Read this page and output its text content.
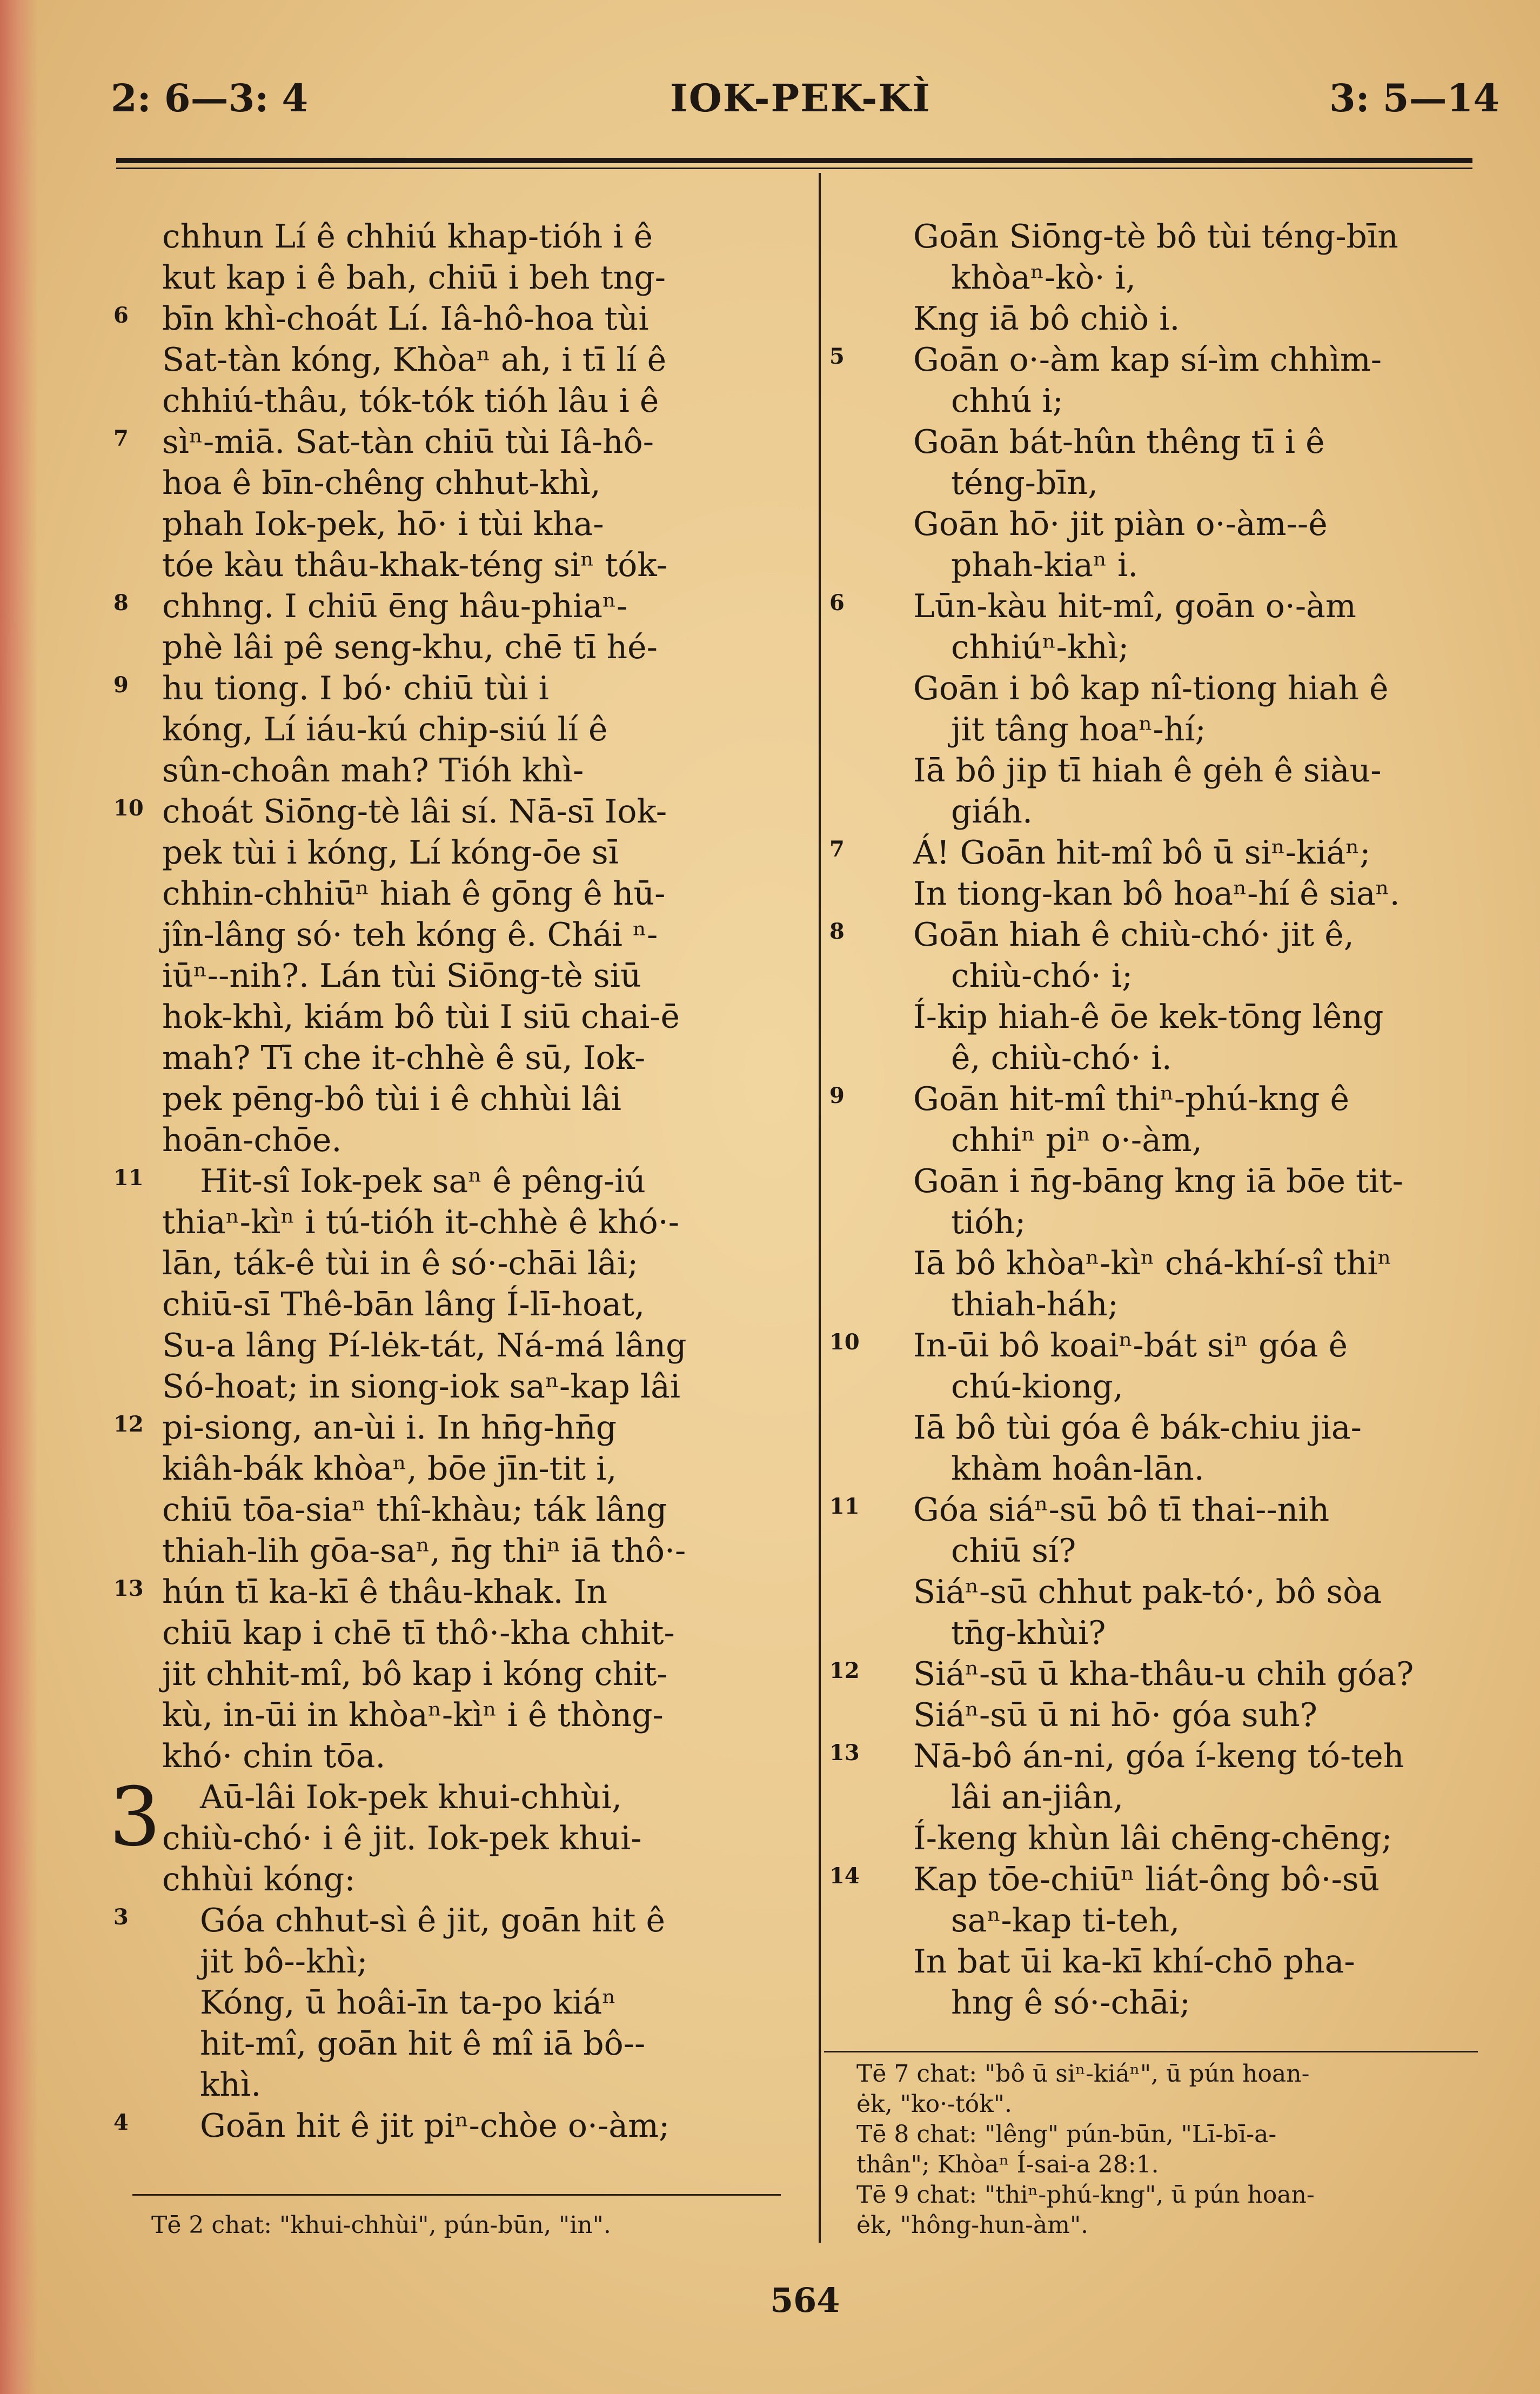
2: 6—3: 4	IOK-PEK-KÌ	3: 5—14
chhun Lí ê chhiú khap-tióh i ê
kut kap i ê bah, chiū i beh tng-
6 bīn khì-choát Lí. Iâ-hô-hoa tùi
Sat-tàn kóng, Khòaⁿ ah, i tī lí ê
chhiú-thâu, tók-tók tióh lâu i ê
7 sìⁿ-miā. Sat-tàn chiū tùi Iâ-hô-
hoa ê bīn-chêng chhut-khì,
phah Iok-pek, hō· i tùi kha-
tóe kàu thâu-khak-téng siⁿ tók-
8 chhng. I chiū ēng hâu-phiaⁿ-
phè lâi pê seng-khu, chē tī hé-
9 hu tiong. I bó· chiū tùi i
kóng, Lí iáu-kú chip-siú lí ê
sûn-choân mah? Tióh khì-
10 choát Siōng-tè lâi sí. Nā-sī Iok-
pek tùi i kóng, Lí kóng-ōe sī
chhin-chhiūⁿ hiah ê gōng ê hū-
jîn-lâng só· teh kóng ê. Chái ⁿ-
iūⁿ--nih?. Lán tùi Siōng-tè siū
hok-khì, kiám bô tùi I siū chai-ē
mah? Tī che it-chhè ê sū, Iok-
pek pēng-bô tùi i ê chhùi lâi
hoān-chōe.
11 Hit-sî Iok-pek saⁿ ê pêng-iú
thiaⁿ-kìⁿ i tú-tióh it-chhè ê khó·-
lān, ták-ê tùi in ê só·-chāi lâi;
chiū-sī Thê-bān lâng Í-lī-hoat,
Su-a lâng Pí-lėk-tát, Ná-má lâng
Só-hoat; in siong-iok saⁿ-kap lâi
12 pi-siong, an-ùi i. In hn̄g-hn̄g
kiâh-bák khòaⁿ, bōe jīn-tit i,
chiū tōa-siaⁿ thî-khàu; ták lâng
thiah-lih gōa-saⁿ, n̄g thiⁿ iā thô·-
13 hún tī ka-kī ê thâu-khak. In
chiū kap i chē tī thô·-kha chhit-
jit chhit-mî, bô kap i kóng chit-
kù, in-ūi in khòaⁿ-kìⁿ i ê thòng-
khó· chin tōa.
3 Aū-lâi Iok-pek khui-chhùi,
chiù-chó· i ê jit. Iok-pek khui-
chhùi kóng:
3 Góa chhut-sì ê jit, goān hit ê
jit bô--khì;
Kóng, ū hoâi-īn ta-po kiáⁿ
hit-mî, goān hit ê mî iā bô--
khì.
4 Goān hit ê jit piⁿ-chòe o·-àm;
Goān Siōng-tè bô tùi téng-bīn
khòaⁿ-kò· i,
Kng iā bô chiò i.
5 Goān o·-àm kap sí-ìm chhìm-
chhú i;
Goān bát-hûn thêng tī i ê
téng-bīn,
Goān hō· jit piàn o·-àm--ê
phah-kiaⁿ i.
6 Lūn-kàu hit-mî, goān o·-àm
chhiúⁿ-khì;
Goān i bô kap nî-tiong hiah ê
jit tâng hoaⁿ-hí;
Iā bô jip tī hiah ê gėh ê siàu-
giáh.
7 Á! Goān hit-mî bô ū siⁿ-kiáⁿ;
In tiong-kan bô hoaⁿ-hí ê siaⁿ.
8 Goān hiah ê chiù-chó· jit ê,
chiù-chó· i;
Í-kip hiah-ê ōe kek-tōng lêng
ê, chiù-chó· i.
9 Goān hit-mî thiⁿ-phú-kng ê
chhiⁿ piⁿ o·-àm,
Goān i n̄g-bāng kng iā bōe tit-
tióh;
Iā bô khòaⁿ-kìⁿ chá-khí-sî thiⁿ
thiah-háh;
10 In-ūi bô koaiⁿ-bát siⁿ góa ê
chú-kiong,
Iā bô tùi góa ê bák-chiu jia-
khàm hoân-lān.
11 Góa siáⁿ-sū bô tī thai--nih
chiū sí?
Siáⁿ-sū chhut pak-tó·, bô sòa
tn̄g-khùi?
12 Siáⁿ-sū ū kha-thâu-u chih góa?
Siáⁿ-sū ū ni hō· góa suh?
13 Nā-bô án-ni, góa í-keng tó-teh
lâi an-jiân,
Í-keng khùn lâi chēng-chēng;
14 Kap tōe-chiūⁿ liát-ông bô·-sū
saⁿ-kap ti-teh,
In bat ūi ka-kī khí-chō pha-
hng ê só·-chāi;
Tē 2 chat: "khui-chhùi", pún-būn, "in".
Tē 7 chat: "bô ū siⁿ-kiáⁿ", ū pún hoan-
ėk, "ko·-tók".
Tē 8 chat: "lêng" pún-būn, "Lī-bī-a-
thân"; Khòaⁿ Í-sai-a 28:1.
Tē 9 chat: "thiⁿ-phú-kng", ū pún hoan-
ėk, "hông-hun-àm".
564
